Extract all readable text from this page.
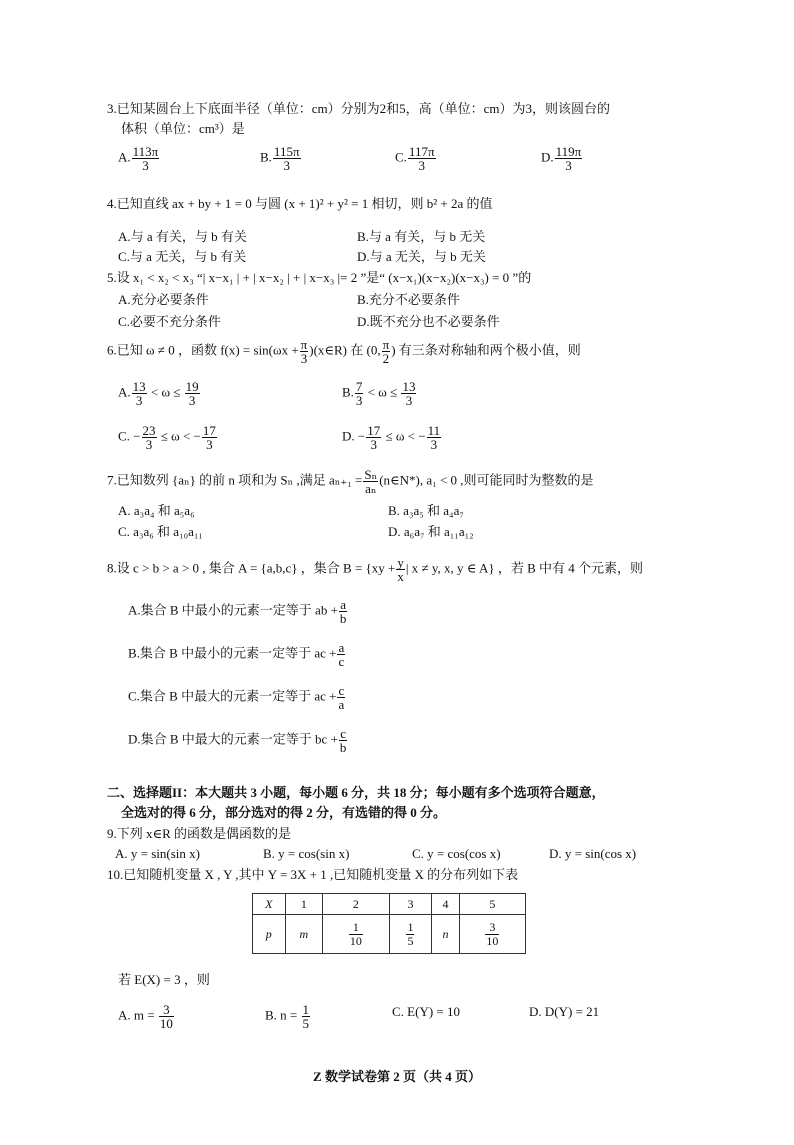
3.已知某圆台上下底面半径（单位：cm）分别为2和5，高（单位：cm）为3，则该圆台的
体积（单位：cm³）是
A. $\frac{113\pi}{3}$	B. $\frac{115\pi}{3}$	C. $\frac{117\pi}{3}$	D. $\frac{119\pi}{3}$
4.已知直线 ax + by + 1 = 0 与圆 (x + 1)² + y² = 1 相切，则 b² + 2a 的值
A.与 a 有关，与 b 有关	B.与 a 有关，与 b 无关
C.与 a 无关，与 b 有关	D.与 a 无关，与 b 无关
5.设 x₁ < x₂ < x₃ “| x−x₁ | + | x−x₂ | + | x−x₃ |= 2 ”是“ (x−x₁)(x−x₂)(x−x₃) = 0 ”的
A.充分必要条件	B.充分不必要条件
C.必要不充分条件	D.既不充分也不必要条件
6.已知 ω ≠ 0 ，函数 $f(x) = \sin(\omega x + \frac{\pi}{3}$ )(x∈R) 在 (0, $\frac{\pi}{2}$ ) 有三条对称轴和两个极小值，则
A. $\frac{13}{3} < \omega \le \frac{19}{3}$	B. $\frac{7}{3} < \omega \le \frac{13}{3}$
C. − $\frac{23}{3} \le \omega$ < − $\frac{17}{3}$	D. − $\frac{17}{3} \le \omega$ < − $\frac{11}{3}$
7.已知数列 {aₙ} 的前 n 项和为 Sₙ ,满足 $a_{n+1} = \frac{\text{Sₙ}}{\text{aₙ}}$ (n∈N*), a₁ < 0 ,则可能同时为整数的是
A. a₃a₄ 和 a₅a₆	B. a₃a₅ 和 a₄a₇
C. a₃a₆ 和 a₁₀a₁₁	D. a₆a₇ 和 a₁₁a₁₂
8.设 c > b > a > 0 , 集合 A = {a,b,c} ，集合 $B = \{xy + \frac{y}{x}$ | x ≠ y, x, y ∈ A} ，若 B 中有 4 个元素，则
A.集合 B 中最小的元素一定等于 ab + $\frac{a}{b}$
B.集合 B 中最小的元素一定等于 ac + $\frac{a}{c}$
C.集合 B 中最大的元素一定等于 ac + $\frac{c}{a}$
D.集合 B 中最大的元素一定等于 bc + $\frac{c}{b}$
二、选择题II：本大题共 3 小题，每小题 6 分，共 18 分；每小题有多个选项符合题意，
全选对的得 6 分，部分选对的得 2 分，有选错的得 0 分。
9.下列 x∈R 的函数是偶函数的是
A. y = sin(sin x)	B. y = cos(sin x)	C. y = cos(cos x)	D. y = sin(cos x)
10.已知随机变量 X , Y ,其中 Y = 3X + 1 ,已知随机变量 X 的分布列如下表
X	1	2	3	4	5
p	m	$\frac{1}{10}$	$\frac{1}{5}$	n	$\frac{3}{10}$
若 E(X) = 3 ，则
A. $m = \frac{3}{10}$	B. $n = \frac{1}{5}$	C. E(Y) = 10	D. D(Y) = 21
Z 数学试卷第 2 页（共 4 页）
